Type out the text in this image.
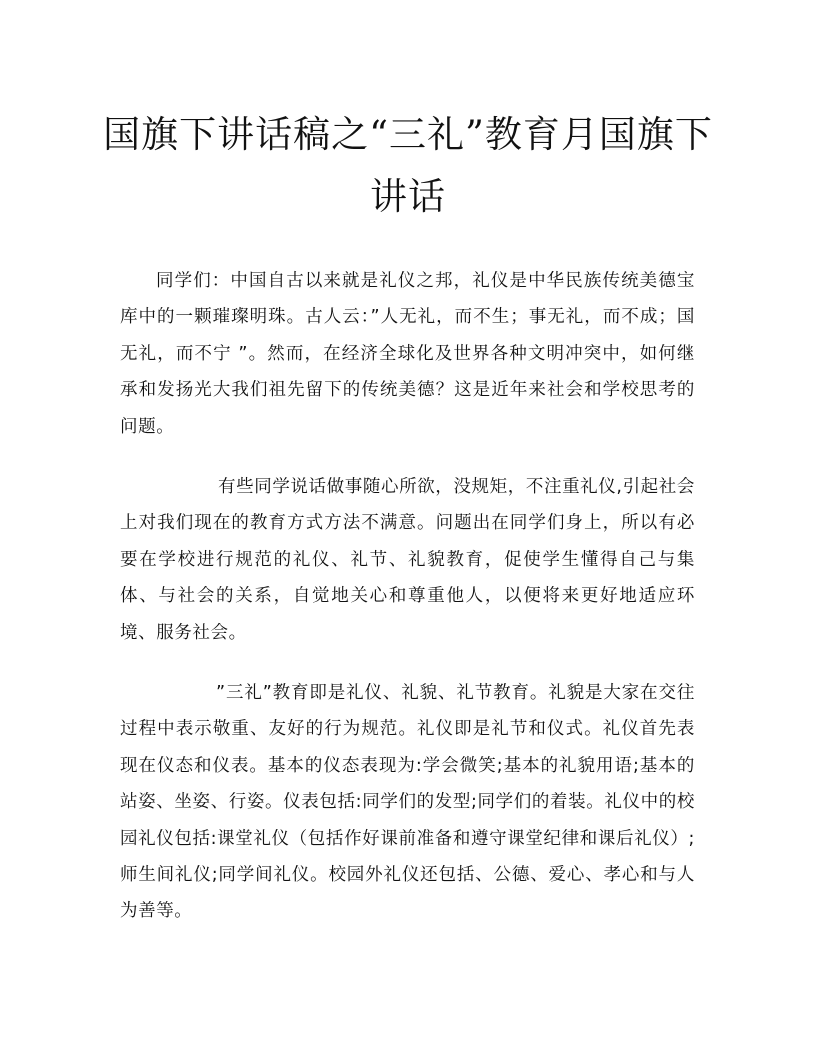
国旗下讲话稿之“三礼”教育月国旗下讲话

同学们：中国自古以来就是礼仪之邦，礼仪是中华民族传统美德宝库中的一颗璀璨明珠。古人云：”人无礼，而不生；事无礼，而不成；国无礼，而不宁 ”。然而，在经济全球化及世界各种文明冲突中，如何继承和发扬光大我们祖先留下的传统美德？这是近年来社会和学校思考的问题。

有些同学说话做事随心所欲，没规矩，不注重礼仪,引起社会上对我们现在的教育方式方法不满意。问题出在同学们身上，所以有必要在学校进行规范的礼仪、礼节、礼貌教育，促使学生懂得自己与集体、与社会的关系，自觉地关心和尊重他人，以便将来更好地适应环境、服务社会。

”三礼”教育即是礼仪、礼貌、礼节教育。礼貌是大家在交往过程中表示敬重、友好的行为规范。礼仪即是礼节和仪式。礼仪首先表现在仪态和仪表。基本的仪态表现为:学会微笑;基本的礼貌用语;基本的站姿、坐姿、行姿。仪表包括:同学们的发型;同学们的着装。礼仪中的校园礼仪包括:课堂礼仪（包括作好课前准备和遵守课堂纪律和课后礼仪）;师生间礼仪;同学间礼仪。校园外礼仪还包括、公德、爱心、孝心和与人为善等。
